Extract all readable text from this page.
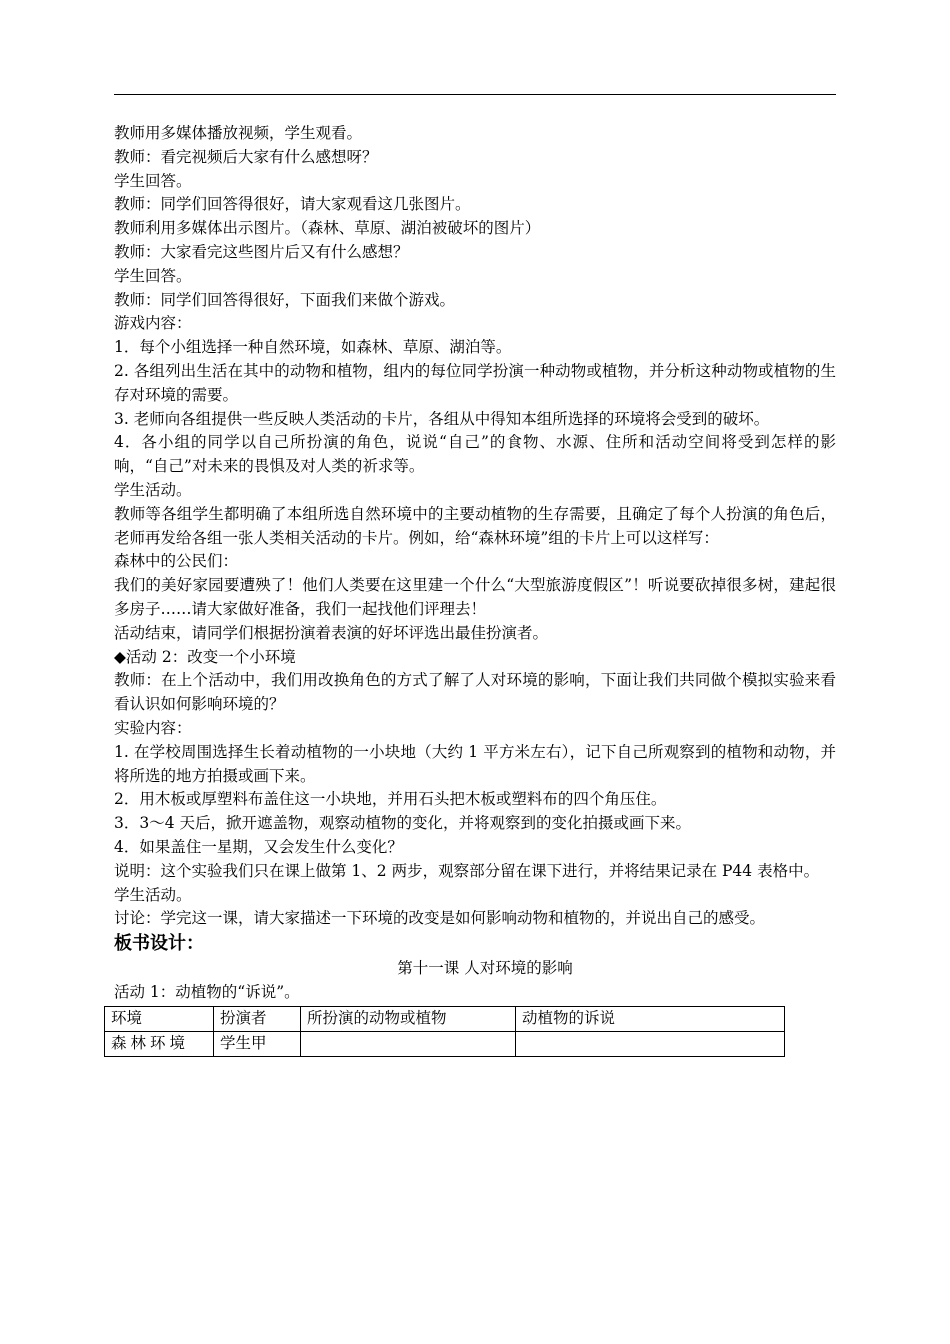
教师用多媒体播放视频，学生观看。

教师：看完视频后大家有什么感想呀？

学生回答。

教师：同学们回答得很好，请大家观看这几张图片。

教师利用多媒体出示图片。（森林、草原、湖泊被破坏的图片）

教师：大家看完这些图片后又有什么感想？

学生回答。

教师：同学们回答得很好，下面我们来做个游戏。

游戏内容：

1．每个小组选择一种自然环境，如森林、草原、湖泊等。

2. 各组列出生活在其中的动物和植物，组内的每位同学扮演一种动物或植物，并分析这种动物或植物的生存对环境的需要。

3. 老师向各组提供一些反映人类活动的卡片，各组从中得知本组所选择的环境将会受到的破坏。

4．各小组的同学以自己所扮演的角色，说说“自己”的食物、水源、住所和活动空间将受到怎样的影响，“自己”对未来的畏惧及对人类的祈求等。

学生活动。

教师等各组学生都明确了本组所选自然环境中的主要动植物的生存需要，且确定了每个人扮演的角色后，老师再发给各组一张人类相关活动的卡片。例如，给“森林环境”组的卡片上可以这样写：

森林中的公民们：

我们的美好家园要遭殃了！他们人类要在这里建一个什么“大型旅游度假区”！听说要砍掉很多树，建起很多房子……请大家做好准备，我们一起找他们评理去！

活动结束，请同学们根据扮演着表演的好坏评选出最佳扮演者。

◆活动 2：改变一个小环境

教师：在上个活动中，我们用改换角色的方式了解了人对环境的影响，下面让我们共同做个模拟实验来看看认识如何影响环境的？

实验内容：

1. 在学校周围选择生长着动植物的一小块地（大约 1 平方米左右），记下自己所观察到的植物和动物，并将所选的地方拍摄或画下来。

2．用木板或厚塑料布盖住这一小块地，并用石头把木板或塑料布的四个角压住。

3．3～4 天后，掀开遮盖物，观察动植物的变化，并将观察到的变化拍摄或画下来。

4．如果盖住一星期，又会发生什么变化？

说明：这个实验我们只在课上做第 1、2 两步，观察部分留在课下进行，并将结果记录在 P44 表格中。

学生活动。

讨论：学完这一课，请大家描述一下环境的改变是如何影响动物和植物的，并说出自己的感受。

板书设计：

第十一课 人对环境的影响

活动 1：动植物的“诉说”。

环境	扮演者	所扮演的动物或植物	动植物的诉说
森林环境	学生甲		
